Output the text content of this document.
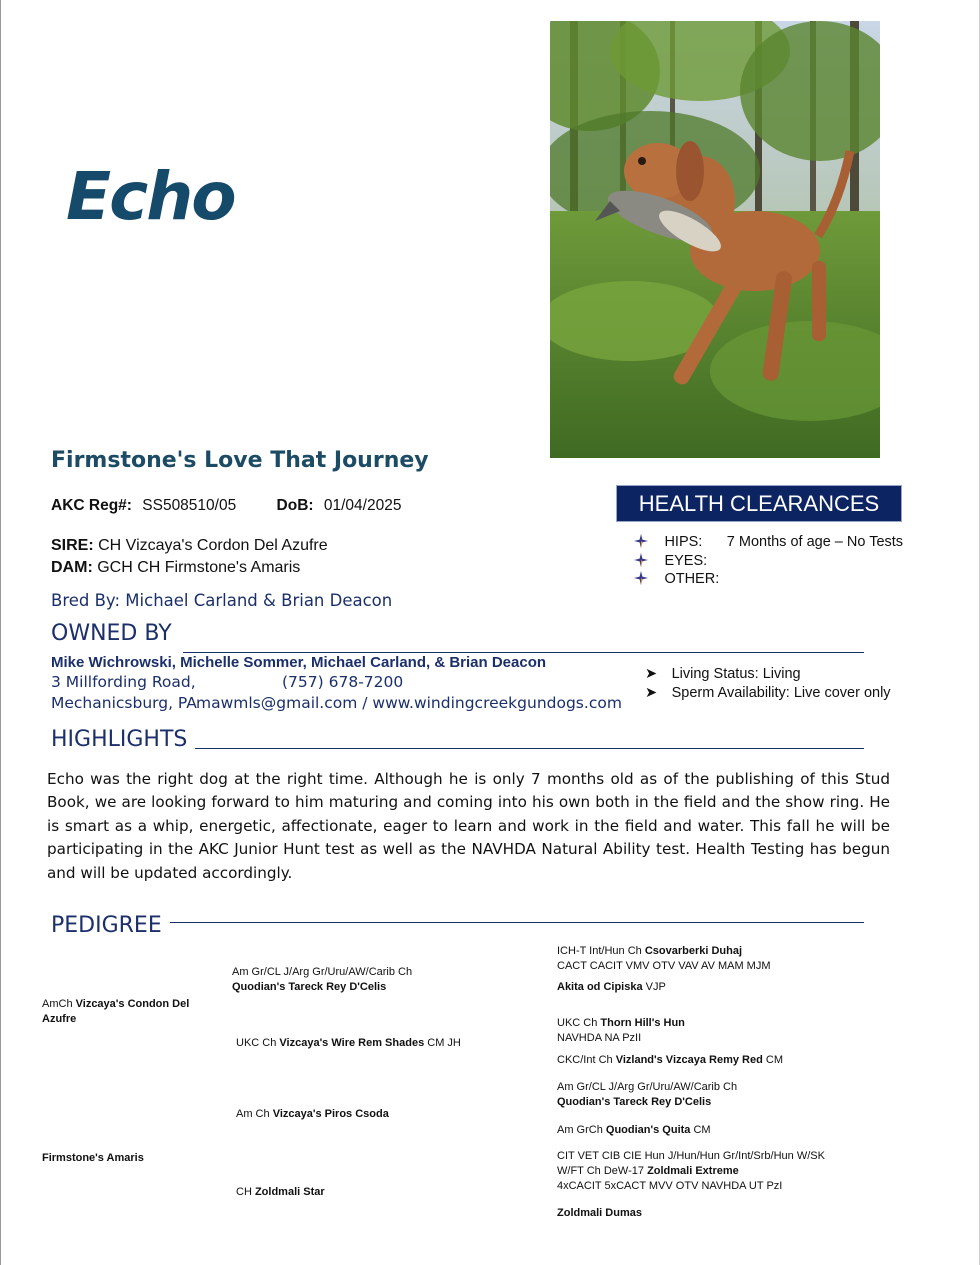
Echo
Firmstone's Love That Journey
AKC Reg#: SS508510/05	DoB: 01/04/2025
SIRE: CH Vizcaya's Cordon Del Azufre
DAM: GCH CH Firmstone's Amaris
Bred By: Michael Carland & Brian Deacon
OWNED BY
Mike Wichrowski, Michelle Sommer, Michael Carland, & Brian Deacon
3 Millfording Road,	(757) 678-7200
Mechanicsburg, PA mawmls@gmail.com / www.windingcreekgundogs.com
HEALTH CLEARANCES
HIPS: 7 Months of age – No Tests
EYES:
OTHER:
➤ Living Status: Living
➤ Sperm Availability: Live cover only
HIGHLIGHTS
Echo was the right dog at the right time. Although he is only 7 months old as of the publishing of this Stud Book, we are looking forward to him maturing and coming into his own both in the field and the show ring. He is smart as a whip, energetic, affectionate, eager to learn and work in the field and water. This fall he will be participating in the AKC Junior Hunt test as well as the NAVHDA Natural Ability test. Health Testing has begun and will be updated accordingly.
PEDIGREE
AmCh Vizcaya's Condon Del Azufre
Firmstone's Amaris
Am Gr/CL J/Arg Gr/Uru/AW/Carib Ch
Quodian's Tareck Rey D'Celis
UKC Ch Vizcaya's Wire Rem Shades CM JH
Am Ch Vizcaya's Piros Csoda
CH Zoldmali Star
ICH-T Int/Hun Ch Csovarberki Duhaj
CACT CACIT VMV OTV VAV AV MAM MJM
Akita od Cipiska VJP
UKC Ch Thorn Hill's Hun
NAVHDA NA PzII
CKC/Int Ch Vizland's Vizcaya Remy Red CM
Am Gr/CL J/Arg Gr/Uru/AW/Carib Ch
Quodian's Tareck Rey D'Celis
Am GrCh Quodian's Quita CM
CIT VET CIB CIE Hun J/Hun/Hun Gr/Int/Srb/Hun W/SK W/FT Ch DeW-17 Zoldmali Extreme
4xCACIT 5xCACT MVV OTV NAVHDA UT PzI
Zoldmali Dumas
